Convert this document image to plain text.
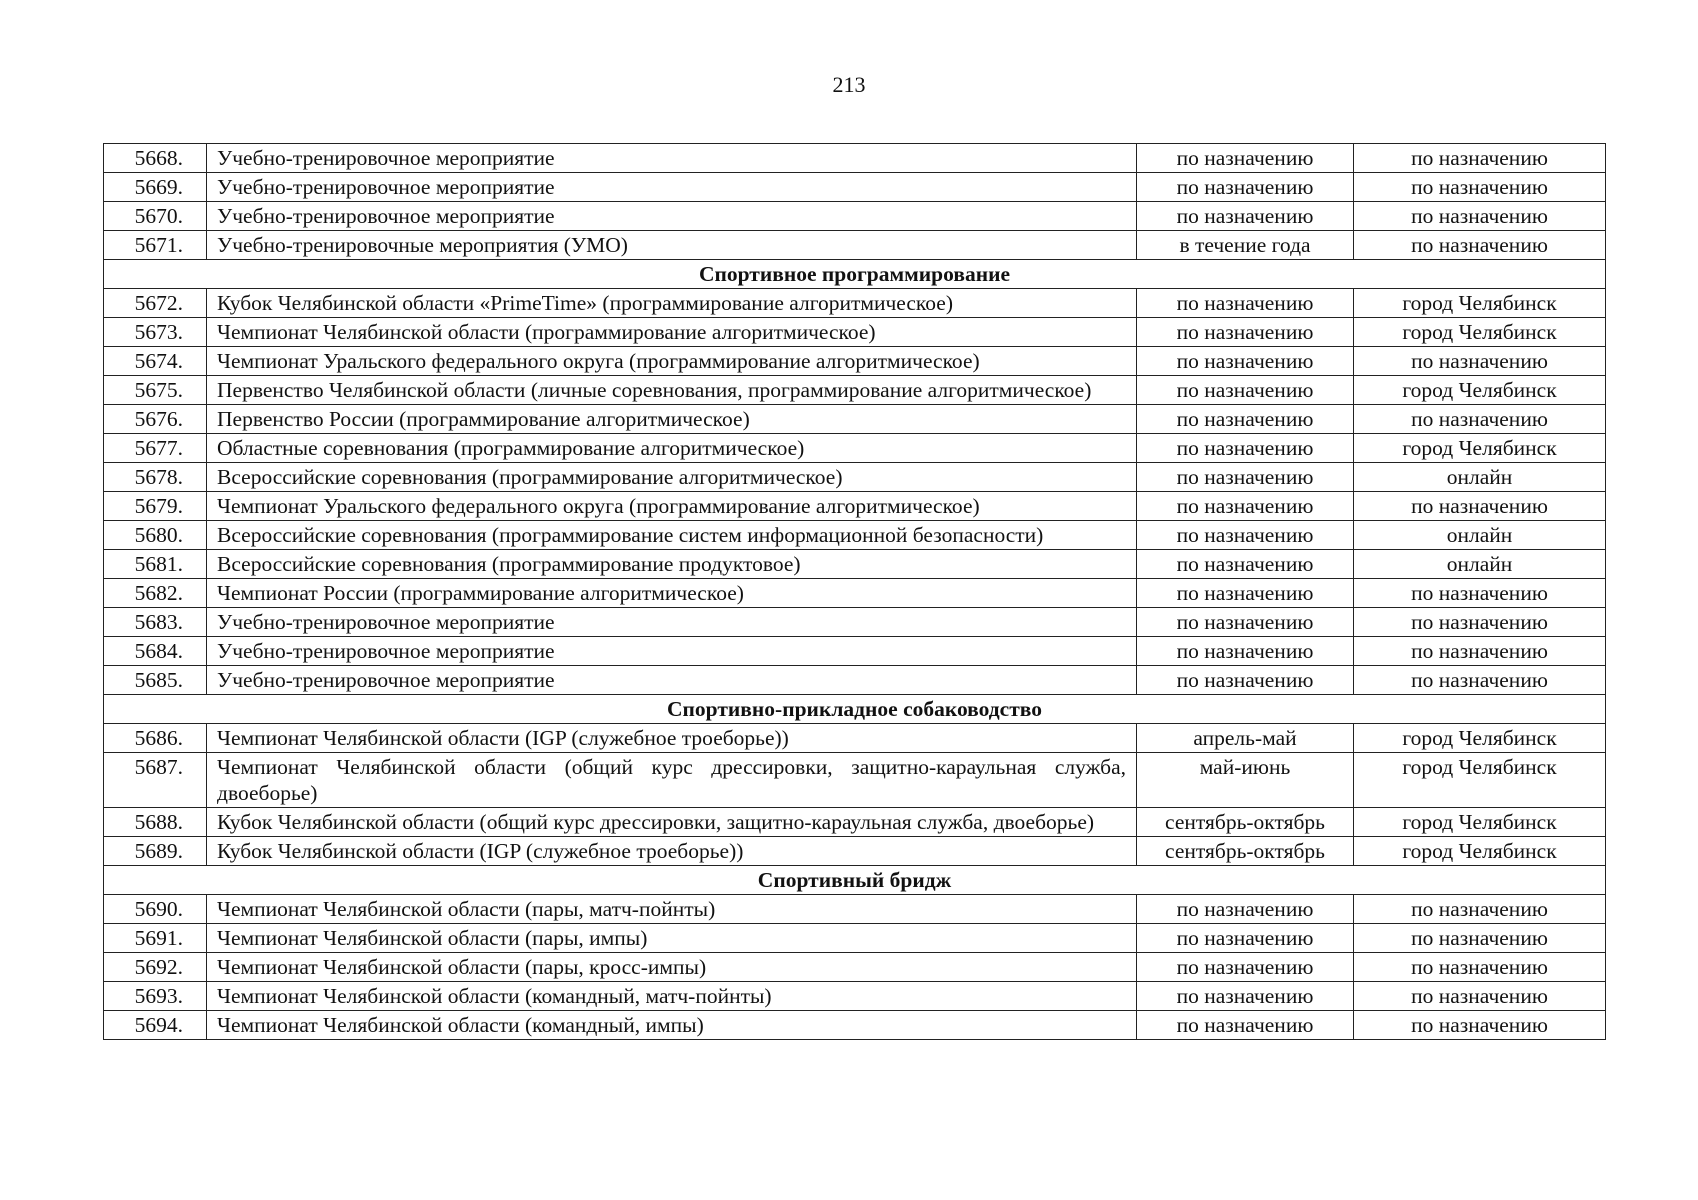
213
5668.	Учебно-тренировочное мероприятие	по назначению	по назначению
5669.	Учебно-тренировочное мероприятие	по назначению	по назначению
5670.	Учебно-тренировочное мероприятие	по назначению	по назначению
5671.	Учебно-тренировочные мероприятия (УМО)	в течение года	по назначению
Спортивное программирование			
5672.	Кубок Челябинской области «PrimeTime» (программирование алгоритмическое)	по назначению	город Челябинск
5673.	Чемпионат Челябинской области (программирование алгоритмическое)	по назначению	город Челябинск
5674.	Чемпионат Уральского федерального округа (программирование алгоритмическое)	по назначению	по назначению
5675.	Первенство Челябинской области (личные соревнования, программирование алгоритмическое)	по назначению	город Челябинск
5676.	Первенство России (программирование алгоритмическое)	по назначению	по назначению
5677.	Областные соревнования (программирование алгоритмическое)	по назначению	город Челябинск
5678.	Всероссийские соревнования (программирование алгоритмическое)	по назначению	онлайн
5679.	Чемпионат Уральского федерального округа (программирование алгоритмическое)	по назначению	по назначению
5680.	Всероссийские соревнования (программирование систем информационной безопасности)	по назначению	онлайн
5681.	Всероссийские соревнования (программирование продуктовое)	по назначению	онлайн
5682.	Чемпионат России (программирование алгоритмическое)	по назначению	по назначению
5683.	Учебно-тренировочное мероприятие	по назначению	по назначению
5684.	Учебно-тренировочное мероприятие	по назначению	по назначению
5685.	Учебно-тренировочное мероприятие	по назначению	по назначению
Спортивно-прикладное собаководство			
5686.	Чемпионат Челябинской области (IGP (служебное троеборье))	апрель-май	город Челябинск
5687.	Чемпионат Челябинской области (общий курс дрессировки, защитно-караульная служба, двоеборье)	май-июнь	город Челябинск
5688.	Кубок Челябинской области (общий курс дрессировки, защитно-караульная служба, двоеборье)	сентябрь-октябрь	город Челябинск
5689.	Кубок Челябинской области (IGP (служебное троеборье))	сентябрь-октябрь	город Челябинск
Спортивный бридж			
5690.	Чемпионат Челябинской области (пары, матч-пойнты)	по назначению	по назначению
5691.	Чемпионат Челябинской области (пары, импы)	по назначению	по назначению
5692.	Чемпионат Челябинской области (пары, кросс-импы)	по назначению	по назначению
5693.	Чемпионат Челябинской области (командный, матч-пойнты)	по назначению	по назначению
5694.	Чемпионат Челябинской области (командный, импы)	по назначению	по назначению
